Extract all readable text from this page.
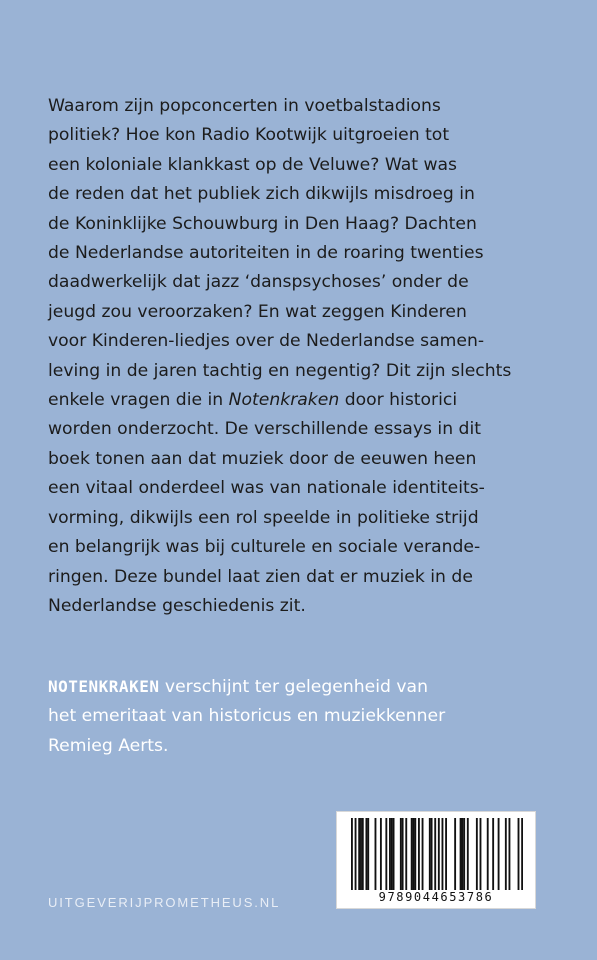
Waarom zijn popconcerten in voetbalstadions
politiek? Hoe kon Radio Kootwijk uitgroeien tot
een koloniale klankkast op de Veluwe? Wat was
de reden dat het publiek zich dikwijls misdroeg in
de Koninklijke Schouwburg in Den Haag? Dachten
de Nederlandse autoriteiten in de roaring twenties
daadwerkelijk dat jazz ‘danspsychoses’ onder de
jeugd zou veroorzaken? En wat zeggen Kinderen
voor Kinderen-liedjes over de Nederlandse samen-
leving in de jaren tachtig en negentig? Dit zijn slechts
enkele vragen die in Notenkraken door historici
worden onderzocht. De verschillende essays in dit
boek tonen aan dat muziek door de eeuwen heen
een vitaal onderdeel was van nationale identiteits-
vorming, dikwijls een rol speelde in politieke strijd
en belangrijk was bij culturele en sociale verande-
ringen. Deze bundel laat zien dat er muziek in de
Nederlandse geschiedenis zit.
NOTENKRAKEN verschijnt ter gelegenheid van
het emeritaat van historicus en muziekkenner
Remieg Aerts.
UITGEVERIJPROMETHEUS.NL	9789044653786
